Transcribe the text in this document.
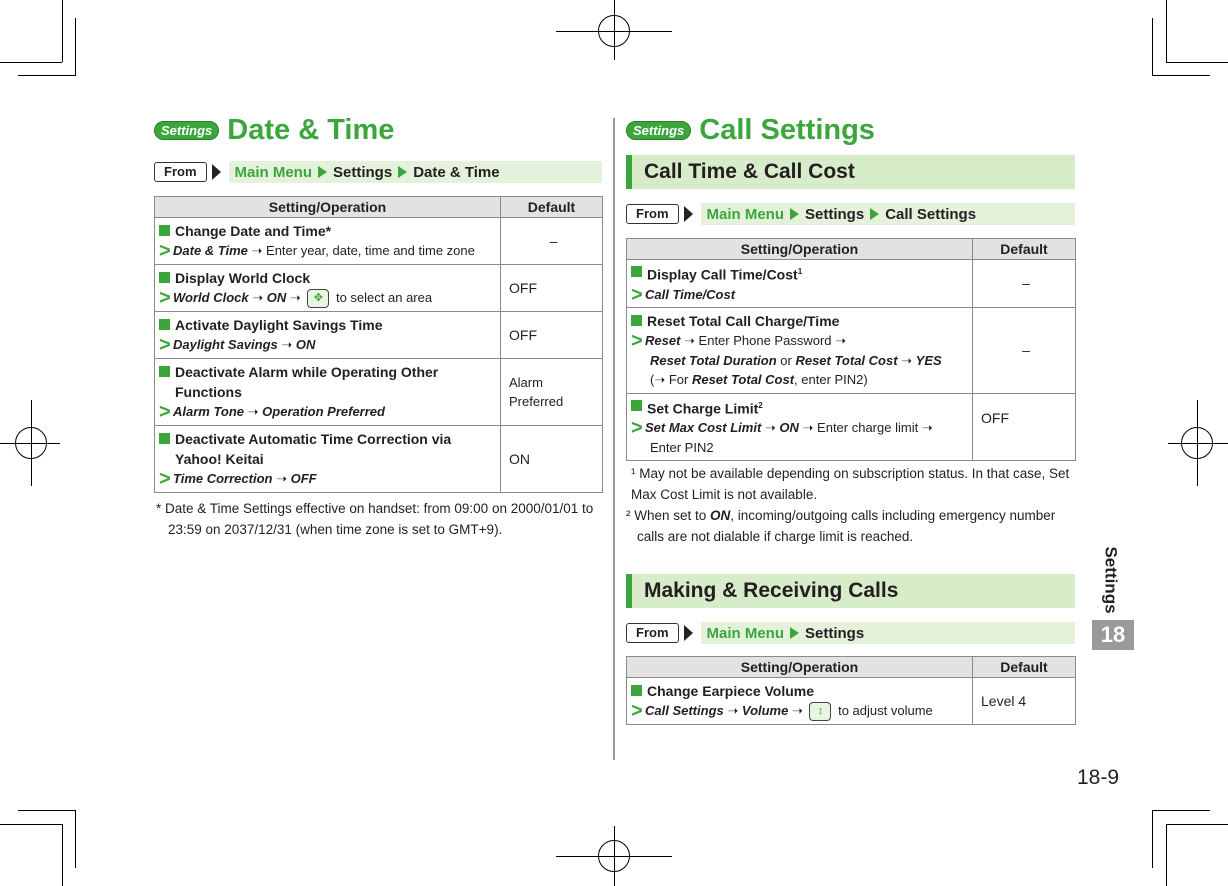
Settings Date & Time
From	Main Menu Settings Date & Time
Setting/Operation	Default

Change Date and Time*
> Date & Time ➝ Enter year, date, time and time zone	–

Display World Clock
> World Clock ➝ ON ➝ ✥ to select an area	OFF

Activate Daylight Savings Time
> Daylight Savings ➝ ON	OFF

Deactivate Alarm while Operating Other Functions
> Alarm Tone ➝ Operation Preferred	Alarm Preferred

Deactivate Automatic Time Correction via Yahoo! Keitai
> Time Correction ➝ OFF	ON
* Date & Time Settings effective on handset: from 09:00 on 2000/01/01 to 23:59 on 2037/12/31 (when time zone is set to GMT+9).
Settings Call Settings
Call Time & Call Cost
From	Main Menu Settings Call Settings
Setting/Operation	Default

Display Call Time/Cost$^1$
> Call Time/Cost	–

Reset Total Call Charge/Time
> Reset ➝ Enter Phone Password ➝
Reset Total Duration or Reset Total Cost ➝ YES
(➝ For Reset Total Cost, enter PIN2)	–

Set Charge Limit$^2$
> Set Max Cost Limit ➝ ON ➝ Enter charge limit ➝
Enter PIN2	OFF
¹ May not be available depending on subscription status. In that case, Set Max Cost Limit is not available.
² When set to ON, incoming/outgoing calls including emergency number calls are not dialable if charge limit is reached.
Making & Receiving Calls
From	Main Menu Settings
Setting/Operation	Default

Change Earpiece Volume
> Call Settings ➝ Volume ➝ ↕ to adjust volume	Level 4
Settings
18
18-9
